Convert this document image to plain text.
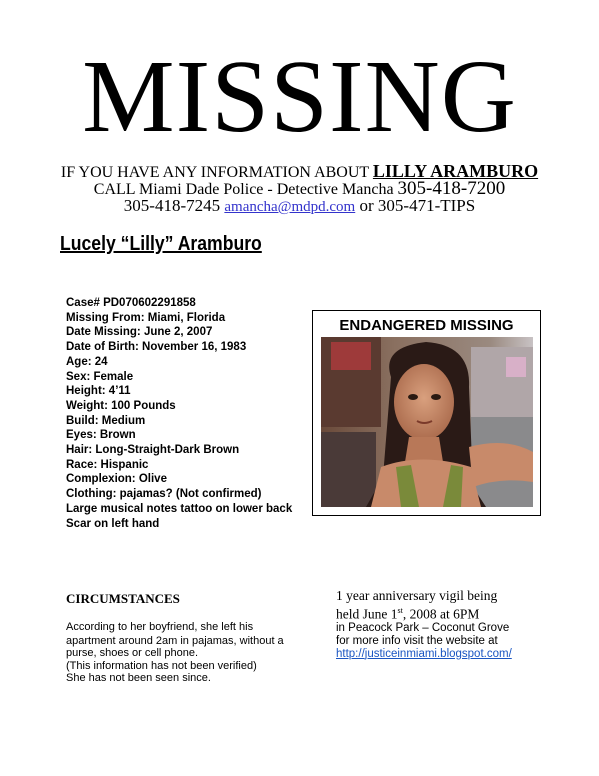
MISSING
IF YOU HAVE ANY INFORMATION ABOUT LILLY ARAMBURO
CALL Miami Dade Police - Detective Mancha 305-418-7200
305-418-7245 amancha@mdpd.com or 305-471-TIPS
Lucely “Lilly” Aramburo
Case# PD070602291858
Missing From: Miami, Florida
Date Missing: June 2, 2007
Date of Birth: November 16, 1983
Age: 24
Sex: Female
Height: 4’11
Weight: 100 Pounds
Build: Medium
Eyes: Brown
Hair: Long-Straight-Dark Brown
Race: Hispanic
Complexion: Olive
Clothing: pajamas? (Not confirmed)
Large musical notes tattoo on lower back
Scar on left hand
ENDANGERED MISSING
CIRCUMSTANCES

According to her boyfriend, she left his

apartment around 2am in pajamas, without a purse, shoes or cell phone.

(This information has not been verified)

She has not been seen since.

1 year anniversary vigil being
held June 1st, 2008 at 6PM
in Peacock Park – Coconut Grove
for more info visit the website at
http://justiceinmiami.blogspot.com/
